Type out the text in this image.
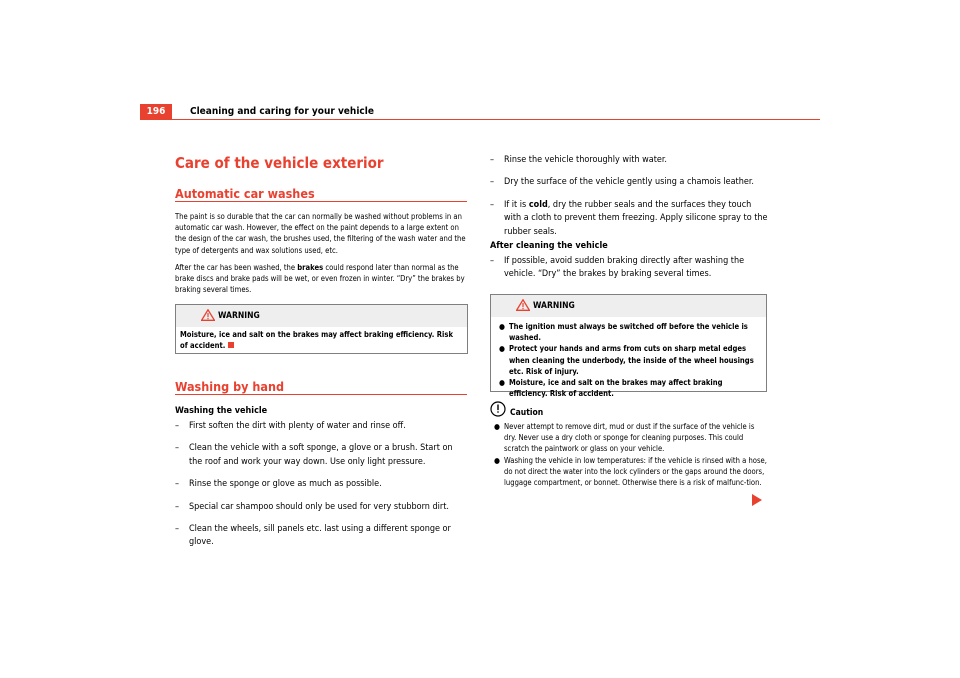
196	Cleaning and caring for your vehicle
Care of the vehicle exterior
Automatic car washes
The paint is so durable that the car can normally be washed without problems in an automatic car wash. However, the effect on the paint depends to a large extent on the design of the car wash, the brushes used, the filtering of the wash water and the type of detergents and wax solutions used, etc.
After the car has been washed, the brakes could respond later than normal as the brake discs and brake pads will be wet, or even frozen in winter. “Dry” the brakes by braking several times.
WARNING
Moisture, ice and salt on the brakes may affect braking efficiency. Risk of accident.
Washing by hand
Washing the vehicle
– First soften the dirt with plenty of water and rinse off.
– Clean the vehicle with a soft sponge, a glove or a brush. Start on the roof and work your way down. Use only light pressure.
– Rinse the sponge or glove as much as possible.
– Special car shampoo should only be used for very stubborn dirt.
– Clean the wheels, sill panels etc. last using a different sponge or glove.
– Rinse the vehicle thoroughly with water.
– Dry the surface of the vehicle gently using a chamois leather.
– If it is cold, dry the rubber seals and the surfaces they touch with a cloth to prevent them freezing. Apply silicone spray to the rubber seals.
After cleaning the vehicle
– If possible, avoid sudden braking directly after washing the vehicle. “Dry” the brakes by braking several times.
WARNING
● The ignition must always be switched off before the vehicle is washed.
● Protect your hands and arms from cuts on sharp metal edges when cleaning the underbody, the inside of the wheel housings etc. Risk of injury.
● Moisture, ice and salt on the brakes may affect braking efficiency. Risk of accident.
Caution
● Never attempt to remove dirt, mud or dust if the surface of the vehicle is dry. Never use a dry cloth or sponge for cleaning purposes. This could scratch the paintwork or glass on your vehicle.
● Washing the vehicle in low temperatures: if the vehicle is rinsed with a hose, do not direct the water into the lock cylinders or the gaps around the doors, luggage compartment, or bonnet. Otherwise there is a risk of malfunc-tion.
